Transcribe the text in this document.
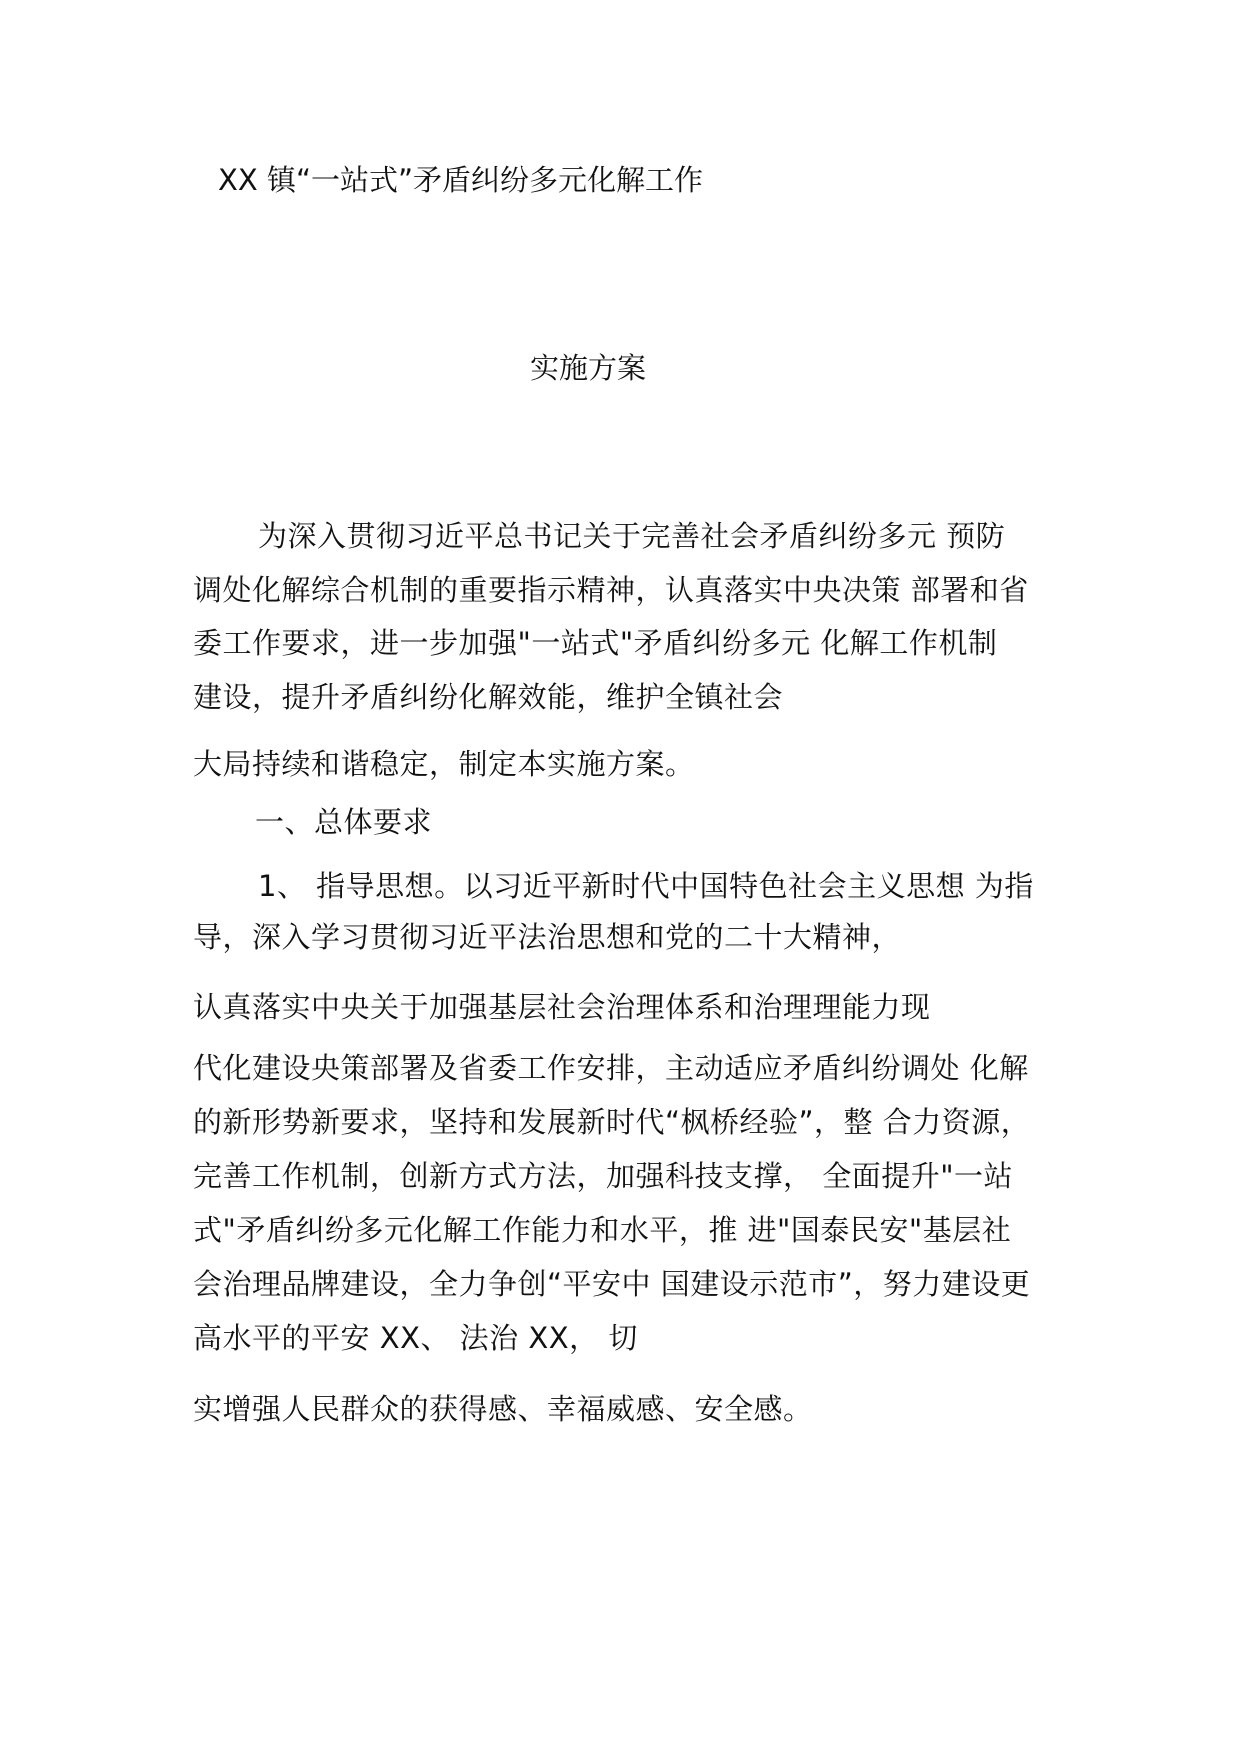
XX 镇“一站式”矛盾纠纷多元化解工作
实施方案
为深入贯彻习近平总书记关于完善社会矛盾纠纷多元 预防
调处化解综合机制的重要指示精神，认真落实中央决策 部署和省
委工作要求，进一步加强"一站式"矛盾纠纷多元 化解工作机制
建设，提升矛盾纠纷化解效能，维护全镇社会
大局持续和谐稳定，制定本实施方案。
一、总体要求
1、 指导思想。以习近平新时代中国特色社会主义思想 为指
导，深入学习贯彻习近平法治思想和党的二十大精神，
认真落实中央关于加强基层社会治理体系和治理理能力现
代化建设央策部署及省委工作安排，主动适应矛盾纠纷调处 化解
的新形势新要求，坚持和发展新时代“枫桥经验”，整 合力资源，
完善工作机制，创新方式方法，加强科技支撑， 全面提升"一站
式"矛盾纠纷多元化解工作能力和水平，推 进"国泰民安"基层社
会治理品牌建设，全力争创“平安中 国建设示范市”，努力建设更
高水平的平安 XX、 法治 XX， 切
实增强人民群众的获得感、幸福威感、安全感。
